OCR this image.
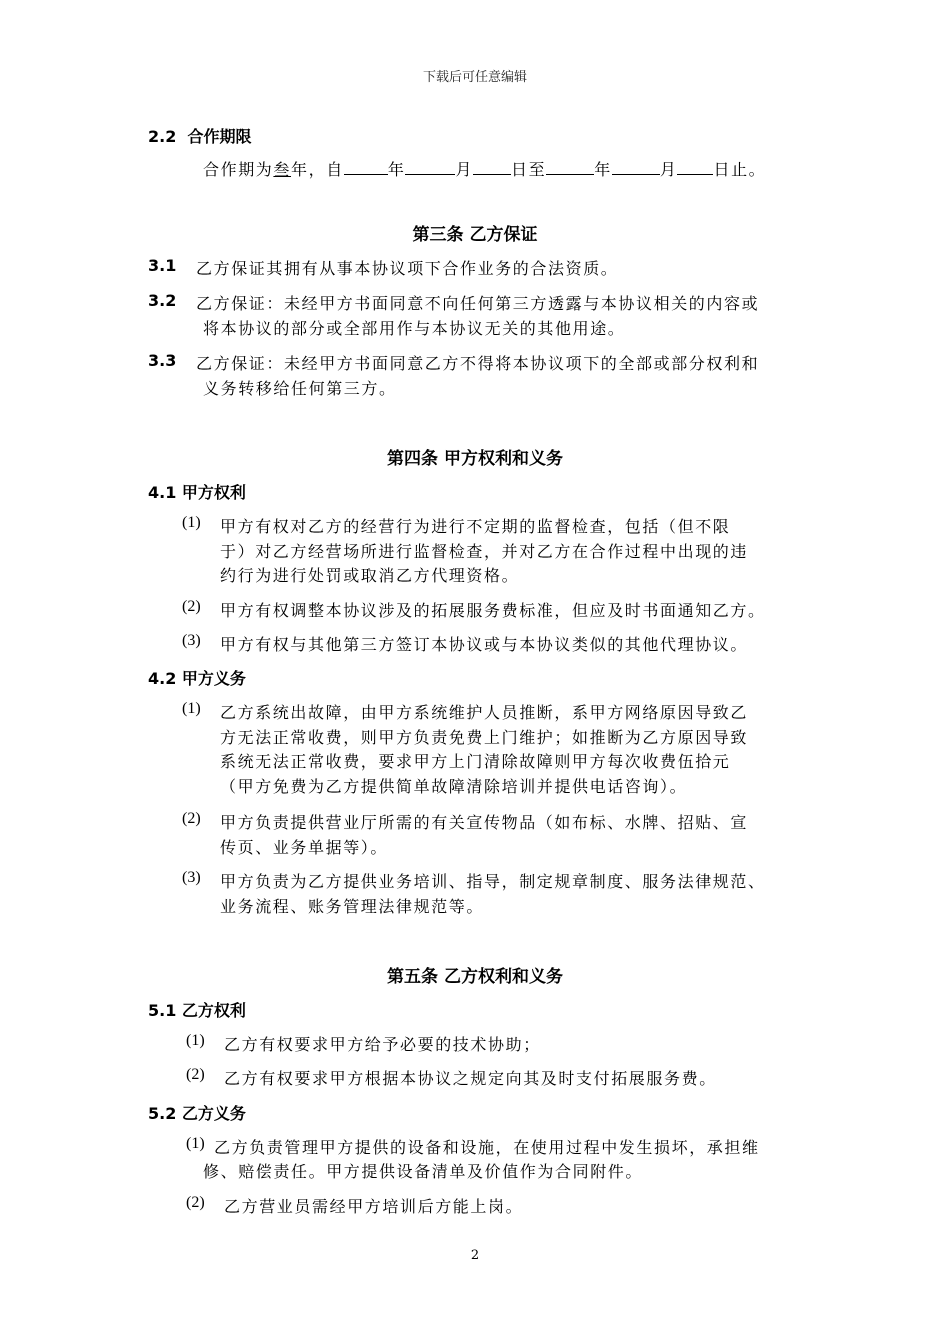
下载后可任意编辑
2.2 合作期限
合作期为叁年，自	年	月 日至	年	月 日止。
第三条 乙方保证
3.1 乙方保证其拥有从事本协议项下合作业务的合法资质。
3.2 乙方保证：未经甲方书面同意不向任何第三方透露与本协议相关的内容或
将本协议的部分或全部用作与本协议无关的其他用途。
3.3 乙方保证：未经甲方书面同意乙方不得将本协议项下的全部或部分权利和
义务转移给任何第三方。
第四条 甲方权利和义务
4.1 甲方权利
(1) 甲方有权对乙方的经营行为进行不定期的监督检查，包括（但不限
于）对乙方经营场所进行监督检查，并对乙方在合作过程中出现的违
约行为进行处罚或取消乙方代理资格。
(2) 甲方有权调整本协议涉及的拓展服务费标准，但应及时书面通知乙方。
(3) 甲方有权与其他第三方签订本协议或与本协议类似的其他代理协议。
4.2 甲方义务
(1) 乙方系统出故障，由甲方系统维护人员推断，系甲方网络原因导致乙
方无法正常收费，则甲方负责免费上门维护；如推断为乙方原因导致
系统无法正常收费，要求甲方上门清除故障则甲方每次收费伍拾元
（甲方免费为乙方提供简单故障清除培训并提供电话咨询）。
(2) 甲方负责提供营业厅所需的有关宣传物品（如布标、水牌、招贴、宣
传页、业务单据等）。
(3) 甲方负责为乙方提供业务培训、指导，制定规章制度、服务法律规范、
业务流程、账务管理法律规范等。
第五条 乙方权利和义务
5.1 乙方权利
(1) 乙方有权要求甲方给予必要的技术协助；
(2) 乙方有权要求甲方根据本协议之规定向其及时支付拓展服务费。
5.2 乙方义务
(1) 乙方负责管理甲方提供的设备和设施，在使用过程中发生损坏，承担维
修、赔偿责任。甲方提供设备清单及价值作为合同附件。
(2) 乙方营业员需经甲方培训后方能上岗。
2
